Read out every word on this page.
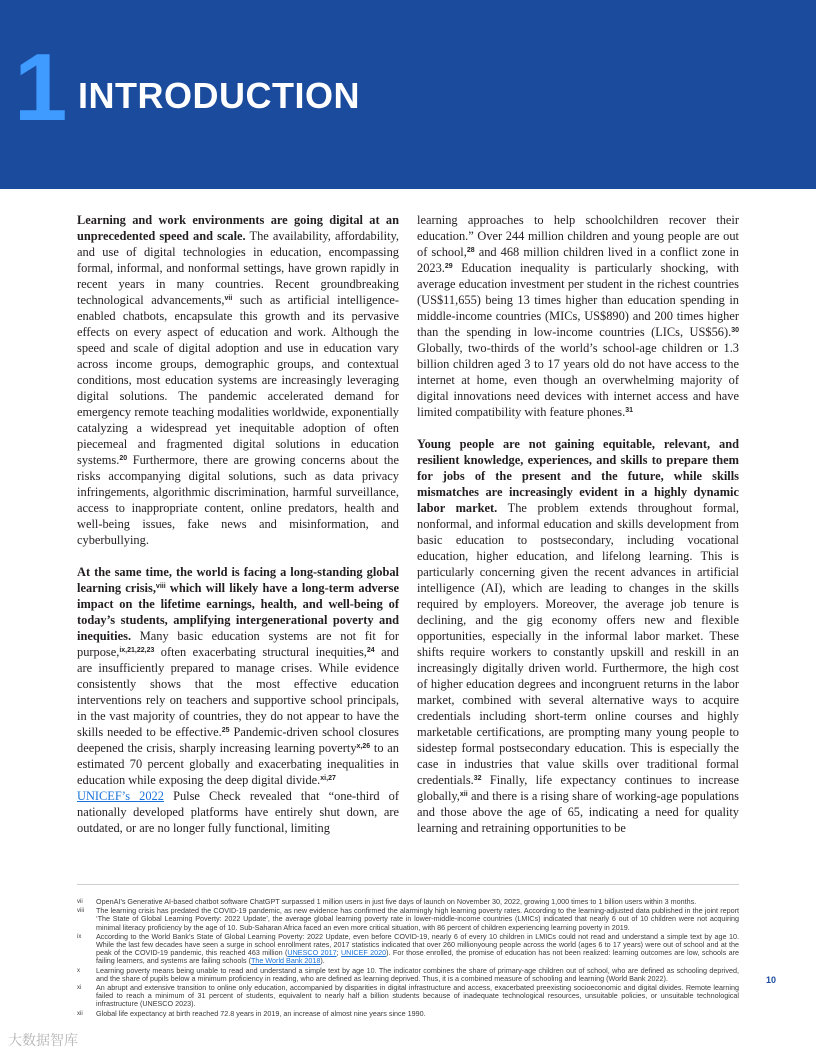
1 INTRODUCTION

Learning and work environments are going digital at an unprecedented speed and scale. The availability, affordability, and use of digital technologies in education, encompassing formal, informal, and nonformal settings, have grown rapidly in recent years in many countries. Recent groundbreaking technological advancements,$^{vii}$ such as artificial intelligence-enabled chatbots, encapsulate this growth and its pervasive effects on every aspect of education and work. Although the speed and scale of digital adoption and use in education vary across income groups, demographic groups, and contextual conditions, most education systems are increasingly leveraging digital solutions. The pandemic accelerated demand for emergency remote teaching modalities worldwide, exponentially catalyzing a widespread yet inequitable adoption of often piecemeal and fragmented digital solutions in education systems.$^{20}$ Furthermore, there are growing concerns about the risks accompanying digital solutions, such as data privacy infringements, algorithmic discrimination, harmful surveillance, access to inappropriate content, online predators, health and well-being issues, fake news and misinformation, and cyberbullying.

At the same time, the world is facing a long-standing global learning crisis,$^{viii}$ which will likely have a long-term adverse impact on the lifetime earnings, health, and well-being of today’s students, amplifying intergenerational poverty and inequities. Many basic education systems are not fit for purpose,$^{ix,21,22,23}$ often exacerbating structural inequities,$^{24}$ and are insufficiently prepared to manage crises. While evidence consistently shows that the most effective education interventions rely on teachers and supportive school principals, in the vast majority of countries, they do not appear to have the skills needed to be effective.$^{25}$ Pandemic-driven school closures deepened the crisis, sharply increasing learning poverty$^{x,26}$ to an estimated 70 percent globally and exacerbating inequalities in education while exposing the deep digital divide.$^{xi,27}$
UNICEF’s 2022 Pulse Check revealed that “one-third of nationally developed platforms have entirely shut down, are outdated, or are no longer fully functional, limiting

learning approaches to help schoolchildren recover their education.” Over 244 million children and young people are out of school,$^{28}$ and 468 million children lived in a conflict zone in 2023.29 Education inequality is particularly shocking, with average education investment per student in the richest countries (US$11,655) being 13 times higher than education spending in middle-income countries (MICs, US$890) and 200 times higher than the spending in low-income countries (LICs, US$56).$^{30}$ Globally, two-thirds of the world’s school-age children or 1.3 billion children aged 3 to 17 years old do not have access to the internet at home, even though an overwhelming majority of digital innovations need devices with internet access and have limited compatibility with feature phones.$^{31}$

Young people are not gaining equitable, relevant, and resilient knowledge, experiences, and skills to prepare them for jobs of the present and the future, while skills mismatches are increasingly evident in a highly dynamic labor market. The problem extends throughout formal, nonformal, and informal education and skills development from basic education to postsecondary, including vocational education, higher education, and lifelong learning. This is particularly concerning given the recent advances in artificial intelligence (AI), which are leading to changes in the skills required by employers. Moreover, the average job tenure is declining, and the gig economy offers new and flexible opportunities, especially in the informal labor market. These shifts require workers to constantly upskill and reskill in an increasingly digitally driven world. Furthermore, the high cost of higher education degrees and incongruent returns in the labor market, combined with several alternative ways to acquire credentials including short-term online courses and highly marketable certifications, are prompting many young people to sidestep formal postsecondary education. This is especially the case in industries that value skills over traditional formal credentials.$^{32}$ Finally, life expectancy continues to increase globally,$^{xii}$ and there is a rising share of working-age populations and those above the age of 65, indicating a need for quality learning and retraining opportunities to be

vii OpenAI’s Generative AI-based chatbot software ChatGPT surpassed 1 million users in just five days of launch on November 30, 2022, growing 1,000 times to 1 billion users within 3 months.
viii The learning crisis has predated the COVID-19 pandemic, as new evidence has confirmed the alarmingly high learning poverty rates. According to the learning-adjusted data published in the joint report ‘The State of Global Learning Poverty: 2022 Update’, the average global learning poverty rate in lower-middle-income countries (LMICs) indicated that nearly 6 out of 10 children were not acquiring minimal literacy proficiency by the age of 10. Sub-Saharan Africa faced an even more critical situation, with 86 percent of children experiencing learning poverty in 2019.
ix According to the World Bank’s State of Global Learning Poverty: 2022 Update, even before COVID-19, nearly 6 of every 10 children in LMICs could not read and understand a simple text by age 10. While the last few decades have seen a surge in school enrollment rates, 2017 statistics indicated that over 260 millionyoung people across the world (ages 6 to 17 years) were out of school and at the peak of the COVID-19 pandemic, this reached 463 million (UNESCO 2017; UNICEF 2020). For those enrolled, the promise of education has not been realized: learning outcomes are low, schools are failing learners, and systems are failing schools (The World Bank 2018).
x Learning poverty means being unable to read and understand a simple text by age 10. The indicator combines the share of primary-age children out of school, who are defined as schooling deprived, and the share of pupils below a minimum proficiency in reading, who are defined as learning deprived. Thus, it is a combined measure of schooling and learning (World Bank 2022).
xi An abrupt and extensive transition to online only education, accompanied by disparities in digital infrastructure and access, exacerbated preexisting socioeconomic and digital divides. Remote learning failed to reach a minimum of 31 percent of students, equivalent to nearly half a billion students because of inadequate technological resources, unsuitable policies, or unsuitable technological infrastructure (UNESCO 2023).
xii Global life expectancy at birth reached 72.8 years in 2019, an increase of almost nine years since 1990.
10
大数据智库
